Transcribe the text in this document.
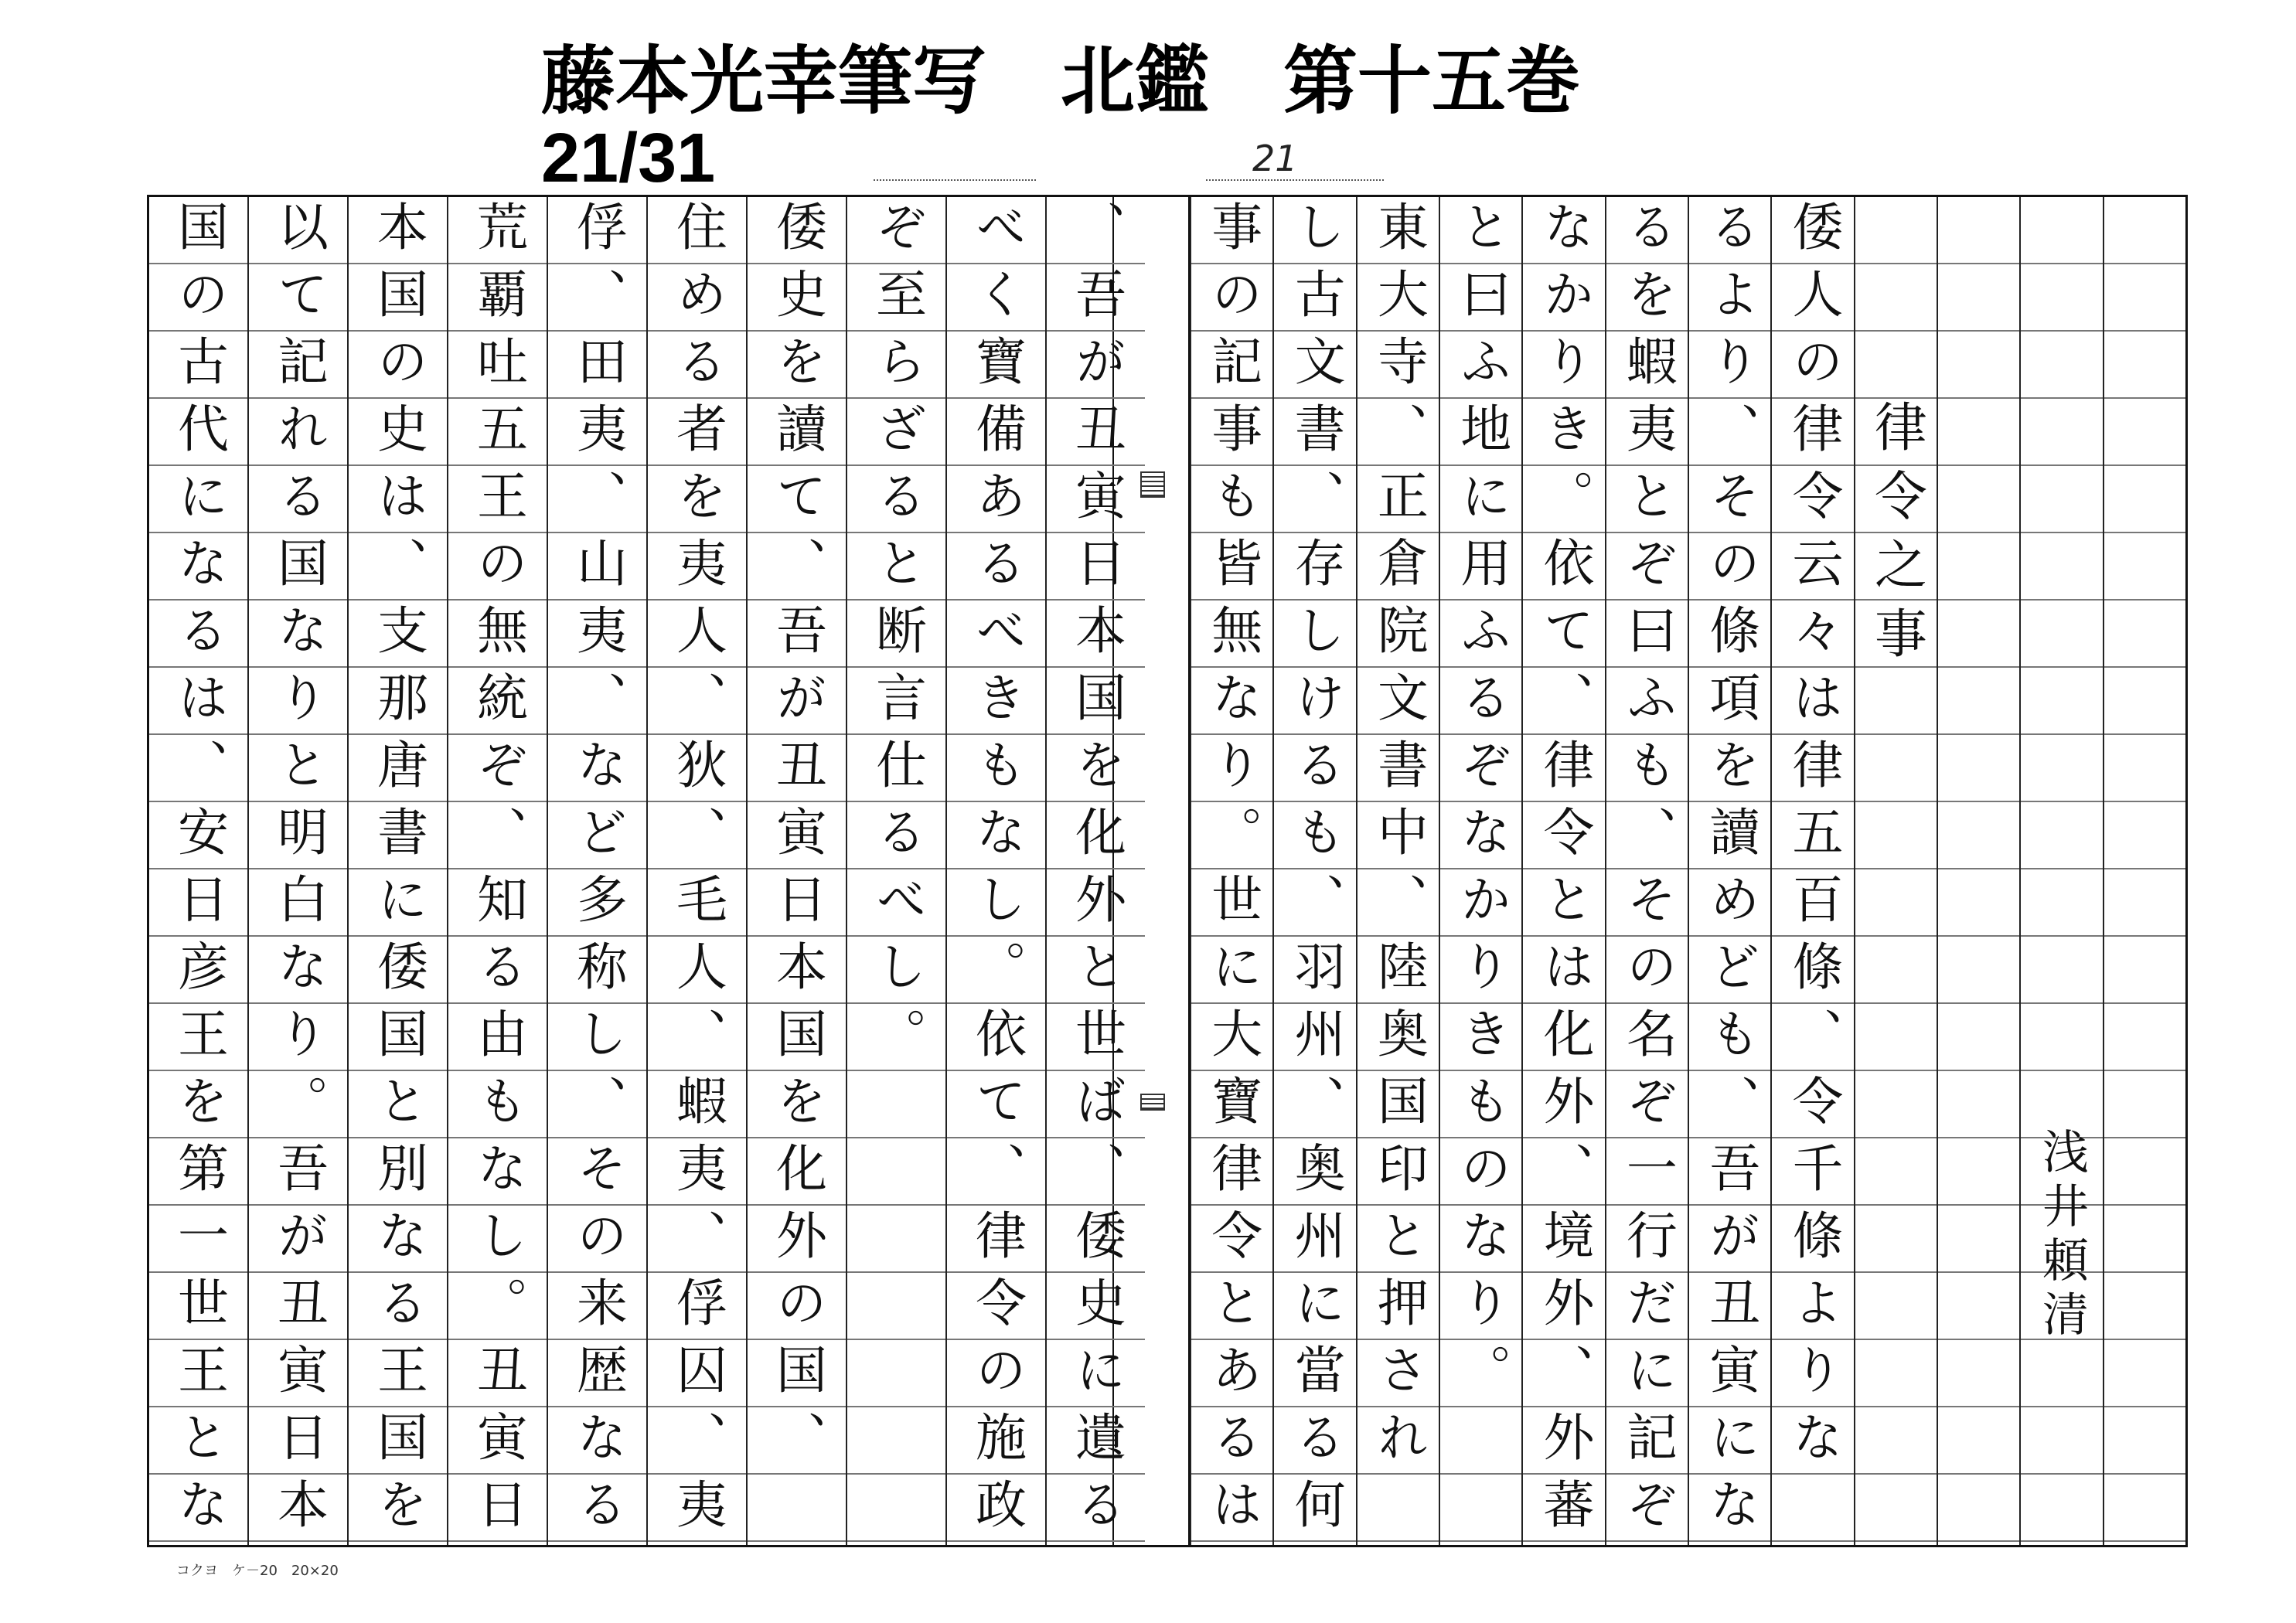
藤本光幸筆写　北鑑　第十五巻
21/31	21
浅井頼清
律令之事
倭人の律令云々は律五百條、令千條よりな
るより、その條項を讀めども、吾が丑寅にな
るを蝦夷とぞ曰ふも、その名ぞ一行だに記ぞ
なかりき。依て、律令とは化外、境外、外蕃
と曰ふ地に用ふるぞなかりきものなり。
東大寺、正倉院文書中、陸奥国印と押され
し古文書、存しけるも、羽州、奥州に當る何
事の記事も皆無なり。世に大寶律令とあるは
、吾が丑寅日本国を化外と世ば、倭史に遺る
べく寶備あるべきもなし。依て、律令の施政
ぞ至らざると断言仕るべし。
倭史を讀て、吾が丑寅日本国を化外の国、
住める者を夷人、狄、毛人、蝦夷、俘囚、夷
俘、田夷、山夷、など多称し、その来歴なる
荒覇吐五王の無統ぞ、知る由もなし。丑寅日
本国の史は、支那唐書に倭国と別なる王国を
以て記れる国なりと明白なり。吾が丑寅日本
国の古代になるは、安日彦王を第一世王とな
コクヨ　ケ－20　20×20
